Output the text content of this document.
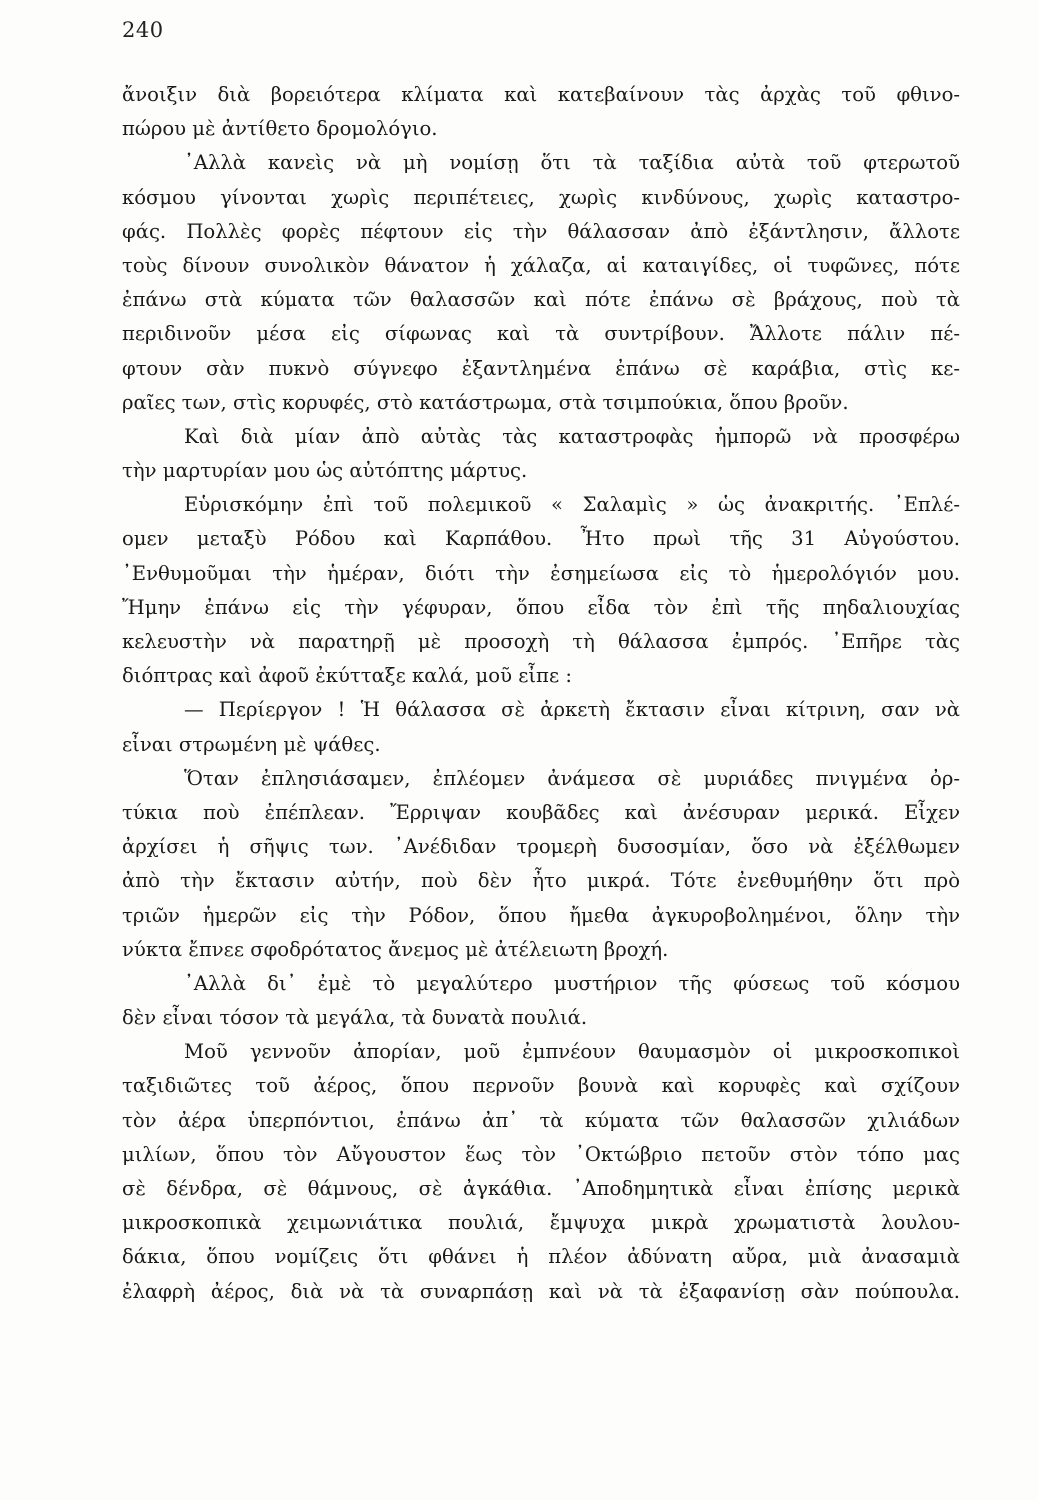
240
ἄνοιξιν διὰ βορειότερα κλίματα καὶ κατεβαίνουν τὰς ἀρχὰς τοῦ φθινο-
πώρου μὲ ἀντίθετο δρομολόγιο.
᾿Αλλὰ κανεὶς νὰ μὴ νομίσῃ ὅτι τὰ ταξίδια αὐτὰ τοῦ φτερωτοῦ
κόσμου γίνονται χωρὶς περιπέτειες, χωρὶς κινδύνους, χωρὶς καταστρο-
φάς. Πολλὲς φορὲς πέφτουν εἰς τὴν θάλασσαν ἀπὸ ἐξάντλησιν, ἄλλοτε
τοὺς δίνουν συνολικὸν θάνατον ἡ χάλαζα, αἱ καταιγίδες, οἱ τυφῶνες, πότε
ἐπάνω στὰ κύματα τῶν θαλασσῶν καὶ πότε ἐπάνω σὲ βράχους, ποὺ τὰ
περιδινοῦν μέσα εἰς σίφωνας καὶ τὰ συντρίβουν. Ἄλλοτε πάλιν πέ-
φτουν σὰν πυκνὸ σύγνεφο ἐξαντλημένα ἐπάνω σὲ καράβια, στὶς κε-
ραῖες των, στὶς κορυφές, στὸ κατάστρωμα, στὰ τσιμπούκια, ὅπου βροῦν.
Καὶ διὰ μίαν ἀπὸ αὐτὰς τὰς καταστροφὰς ἠμπορῶ νὰ προσφέρω
τὴν μαρτυρίαν μου ὡς αὐτόπτης μάρτυς.
Εὑρισκόμην ἐπὶ τοῦ πολεμικοῦ « Σαλαμὶς » ὡς ἀνακριτής. ᾿Επλέ-
ομεν μεταξὺ Ρόδου καὶ Καρπάθου. Ἦτο πρωὶ τῆς 31 Αὐγούστου.
᾿Ενθυμοῦμαι τὴν ἡμέραν, διότι τὴν ἐσημείωσα εἰς τὸ ἡμερολόγιόν μου.
Ἤμην ἐπάνω εἰς τὴν γέφυραν, ὅπου εἶδα τὸν ἐπὶ τῆς πηδαλιουχίας
κελευστὴν νὰ παρατηρῇ μὲ προσοχὴ τὴ θάλασσα ἐμπρός. ᾿Επῆρε τὰς
διόπτρας καὶ ἀφοῦ ἐκύτταξε καλά, μοῦ εἶπε :
— Περίεργον ! Ἡ θάλασσα σὲ ἀρκετὴ ἔκτασιν εἶναι κίτρινη, σαν νὰ
εἶναι στρωμένη μὲ ψάθες.
Ὅταν ἐπλησιάσαμεν, ἐπλέομεν ἀνάμεσα σὲ μυριάδες πνιγμένα ὀρ-
τύκια ποὺ ἐπέπλεαν. Ἔρριψαν κουβᾶδες καὶ ἀνέσυραν μερικά. Εἶχεν
ἀρχίσει ἡ σῆψις των. ᾿Ανέδιδαν τρομερὴ δυσοσμίαν, ὅσο νὰ ἐξέλθωμεν
ἀπὸ τὴν ἔκτασιν αὐτήν, ποὺ δὲν ἦτο μικρά. Τότε ἐνεθυμήθην ὅτι πρὸ
τριῶν ἡμερῶν εἰς τὴν Ρόδον, ὅπου ἤμεθα ἀγκυροβολημένοι, ὅλην τὴν
νύκτα ἔπνεε σφοδρότατος ἄνεμος μὲ ἀτέλειωτη βροχή.
᾿Αλλὰ δι᾿ ἐμὲ τὸ μεγαλύτερο μυστήριον τῆς φύσεως τοῦ κόσμου
δὲν εἶναι τόσον τὰ μεγάλα, τὰ δυνατὰ πουλιά.
Μοῦ γεννοῦν ἀπορίαν, μοῦ ἐμπνέουν θαυμασμὸν οἱ μικροσκοπικοὶ
ταξιδιῶτες τοῦ ἀέρος, ὅπου περνοῦν βουνὰ καὶ κορυφὲς καὶ σχίζουν
τὸν ἀέρα ὑπερπόντιοι, ἐπάνω ἀπ᾿ τὰ κύματα τῶν θαλασσῶν χιλιάδων
μιλίων, ὅπου τὸν Αὔγουστον ἕως τὸν ᾿Οκτώβριο πετοῦν στὸν τόπο μας
σὲ δένδρα, σὲ θάμνους, σὲ ἀγκάθια. ᾿Αποδημητικὰ εἶναι ἐπίσης μερικὰ
μικροσκοπικὰ χειμωνιάτικα πουλιά, ἔμψυχα μικρὰ χρωματιστὰ λουλου-
δάκια, ὅπου νομίζεις ὅτι φθάνει ἡ πλέον ἀδύνατη αὔρα, μιὰ ἀνασαμιὰ
ἐλαφρὴ ἀέρος, διὰ νὰ τὰ συναρπάσῃ καὶ νὰ τὰ ἐξαφανίσῃ σὰν πούπουλα.
